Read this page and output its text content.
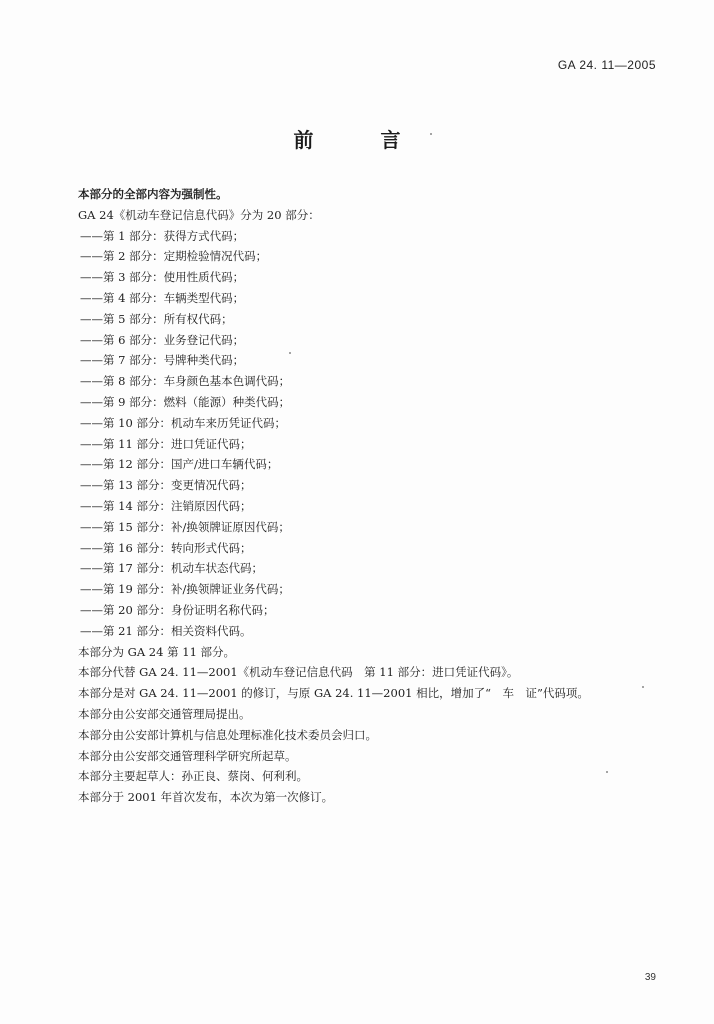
GA 24. 11—2005
前 言
本部分的全部内容为强制性。
GA 24《机动车登记信息代码》分为 20 部分：
——第 1 部分：获得方式代码；
——第 2 部分：定期检验情况代码；
——第 3 部分：使用性质代码；
——第 4 部分：车辆类型代码；
——第 5 部分：所有权代码；
——第 6 部分：业务登记代码；
——第 7 部分：号牌种类代码；
——第 8 部分：车身颜色基本色调代码；
——第 9 部分：燃料（能源）种类代码；
——第 10 部分：机动车来历凭证代码；
——第 11 部分：进口凭证代码；
——第 12 部分：国产/进口车辆代码；
——第 13 部分：变更情况代码；
——第 14 部分：注销原因代码；
——第 15 部分：补/换领牌证原因代码；
——第 16 部分：转向形式代码；
——第 17 部分：机动车状态代码；
——第 19 部分：补/换领牌证业务代码；
——第 20 部分：身份证明名称代码；
——第 21 部分：相关资料代码。
本部分为 GA 24 第 11 部分。
本部分代替 GA 24. 11—2001《机动车登记信息代码　第 11 部分：进口凭证代码》。
本部分是对 GA 24. 11—2001 的修订，与原 GA 24. 11—2001 相比，增加了“　车　证”代码项。
本部分由公安部交通管理局提出。
本部分由公安部计算机与信息处理标准化技术委员会归口。
本部分由公安部交通管理科学研究所起草。
本部分主要起草人：孙正良、蔡岗、何利利。
本部分于 2001 年首次发布，本次为第一次修订。
39
